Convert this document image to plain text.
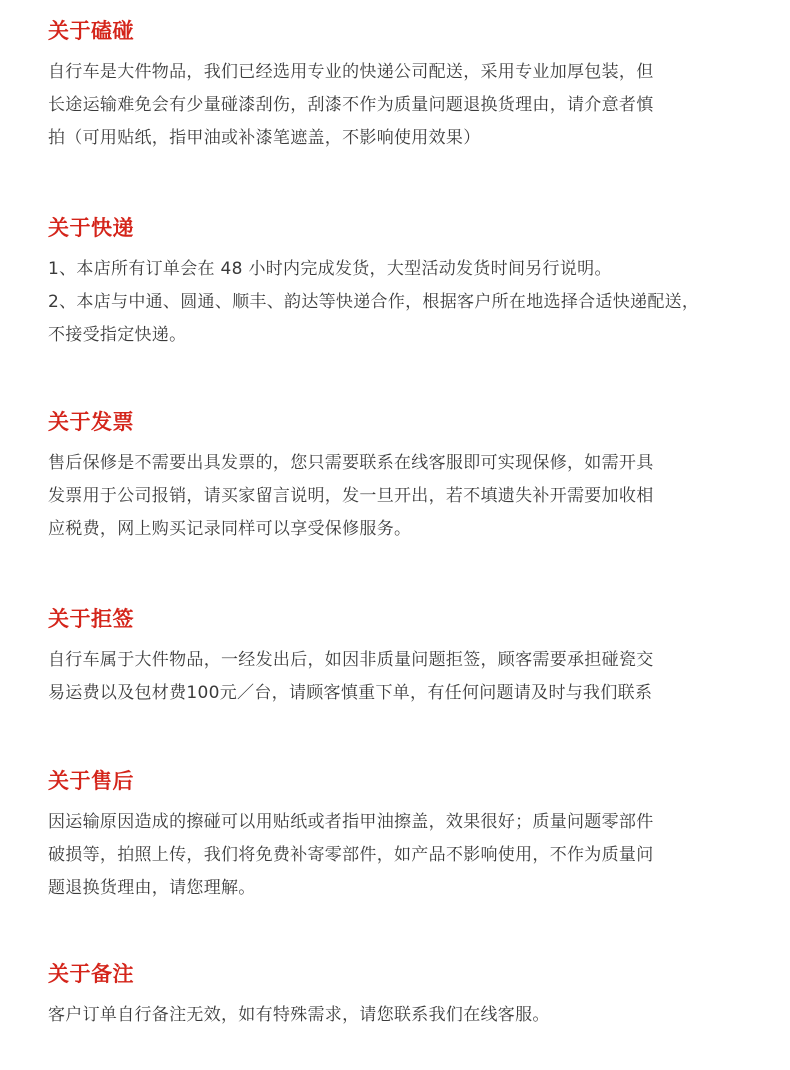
关于磕碰
自行车是大件物品，我们已经选用专业的快递公司配送，采用专业加厚包装，但
长途运输难免会有少量碰漆刮伤，刮漆不作为质量问题退换货理由，请介意者慎
拍（可用贴纸，指甲油或补漆笔遮盖，不影响使用效果）
关于快递
1、本店所有订单会在 48 小时内完成发货，大型活动发货时间另行说明。
2、本店与中通、圆通、顺丰、韵达等快递合作，根据客户所在地选择合适快递配送，
不接受指定快递。
关于发票
售后保修是不需要出具发票的，您只需要联系在线客服即可实现保修，如需开具
发票用于公司报销，请买家留言说明，发一旦开出，若不填遗失补开需要加收相
应税费，网上购买记录同样可以享受保修服务。
关于拒签
自行车属于大件物品，一经发出后，如因非质量问题拒签，顾客需要承担碰瓷交
易运费以及包材费100元／台，请顾客慎重下单，有任何问题请及时与我们联系
关于售后
因运输原因造成的擦碰可以用贴纸或者指甲油擦盖，效果很好；质量问题零部件
破损等，拍照上传，我们将免费补寄零部件，如产品不影响使用，不作为质量问
题退换货理由，请您理解。
关于备注
客户订单自行备注无效，如有特殊需求，请您联系我们在线客服。
